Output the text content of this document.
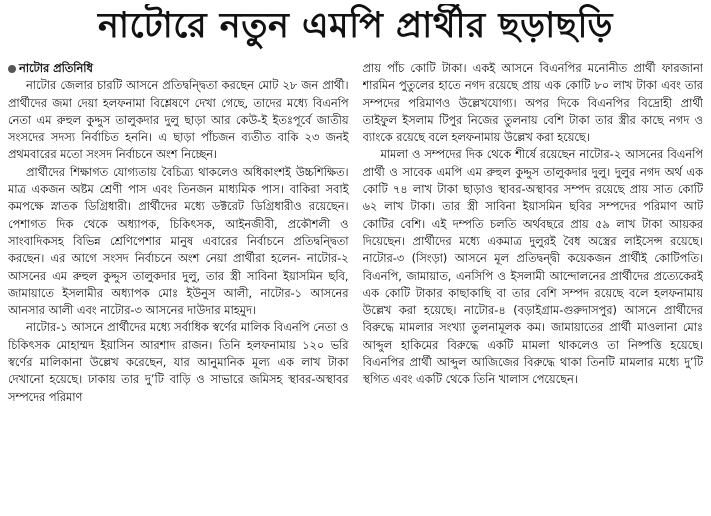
নাটোরে নতুন এমপি প্রার্থীর ছড়াছড়ি

নাটোর প্রতিনিধি

নাটোর জেলার চারটি আসনে প্রতিদ্বন্দ্বিতা করছেন মোট ২৮ জন প্রার্থী। প্রার্থীদের জমা দেয়া হলফনামা বিশ্লেষণে দেখা গেছে, তাদের মধ্যে বিএনপি নেতা এম রুহুল কুদ্দুস তালুকদার দুলু ছাড়া আর কেউ-ই ইতঃপূর্বে জাতীয় সংসদের সদস্য নির্বাচিত হননি। এ ছাড়া পাঁচজন ব্যতীত বাকি ২৩ জনই প্রথমবারের মতো সংসদ নির্বাচনে অংশ নিচ্ছেন।

প্রার্থীদের শিক্ষাগত যোগ্যতায় বৈচিত্র্য থাকলেও অধিকাংশই উচ্চশিক্ষিত। মাত্র একজন অষ্টম শ্রেণী পাস এবং তিনজন মাধ্যমিক পাস। বাকিরা সবাই কমপক্ষে স্নাতক ডিগ্রিধারী। প্রার্থীদের মধ্যে ডক্টরেট ডিগ্রিধারীও রয়েছেন। পেশাগত দিক থেকে অধ্যাপক, চিকিৎসক, আইনজীবী, প্রকৌশলী ও সাংবাদিকসহ বিভিন্ন শ্রেণিপেশার মানুষ এবারের নির্বাচনে প্রতিদ্বন্দ্বিতা করছেন। এর আগে সংসদ নির্বাচনে অংশ নেয়া প্রার্থীরা হলেন- নাটোর-২ আসনের এম রুহুল কুদ্দুস তালুকদার দুলু, তার স্ত্রী সাবিনা ইয়াসমিন ছবি, জামায়াতে ইসলামীর অধ্যাপক মোঃ ইউনুস আলী, নাটোর-১ আসনের আনসার আলী এবং নাটোর-৩ আসনের দাউদার মাহমুদ।

নাটোর-১ আসনে প্রার্থীদের মধ্যে সর্বাধিক স্বর্ণের মালিক বিএনপি নেতা ও চিকিৎসক মোহাম্মদ ইয়াসিন আরশাদ রাজন। তিনি হলফনামায় ১২০ ভরি স্বর্ণের মালিকানা উল্লেখ করেছেন, যার আনুমানিক মূল্য এক লাখ টাকা দেখানো হয়েছে। ঢাকায় তার দু’টি বাড়ি ও সাভারে জমিসহ স্থাবর-অস্থাবর সম্পদের পরিমাণ

প্রায় পাঁচ কোটি টাকা। একই আসনে বিএনপির মনোনীত প্রার্থী ফারজানা শারমিন পুতুলের হাতে নগদ রয়েছে প্রায় এক কোটি ৮০ লাখ টাকা এবং তার সম্পদের পরিমাণও উল্লেখযোগ্য। অপর দিকে বিএনপির বিদ্রোহী প্রার্থী তাইফুল ইসলাম টিপুর নিজের তুলনায় বেশি টাকা তার স্ত্রীর কাছে নগদ ও ব্যাংকে রয়েছে বলে হলফনামায় উল্লেখ করা হয়েছে।

মামলা ও সম্পদের দিক থেকে শীর্ষে রয়েছেন নাটোর-২ আসনের বিএনপি প্রার্থী ও সাবেক এমপি এম রুহুল কুদ্দুস তালুকদার দুলু। দুলুর নগদ অর্থ এক কোটি ৭৪ লাখ টাকা ছাড়াও স্থাবর-অস্থাবর সম্পদ রয়েছে প্রায় সাত কোটি ৬২ লাখ টাকা। তার স্ত্রী সাবিনা ইয়াসমিন ছবির সম্পদের পরিমাণ আট কোটির বেশি। এই দম্পতি চলতি অর্থবছরে প্রায় ৫৯ লাখ টাকা আয়কর দিয়েছেন। প্রার্থীদের মধ্যে একমাত্র দুলুরই বৈধ অস্ত্রের লাইসেন্স রয়েছে। নাটোর-৩ (সিংড়া) আসনে মূল প্রতিদ্বন্দ্বী কয়েকজন প্রার্থীই কোটিপতি। বিএনপি, জামায়াত, এনসিপি ও ইসলামী আন্দোলনের প্রার্থীদের প্রত্যেকেরই এক কোটি টাকার কাছাকাছি বা তার বেশি সম্পদ রয়েছে বলে হলফনামায় উল্লেখ করা হয়েছে। নাটোর-৪ (বড়াইগ্রাম-গুরুদাসপুর) আসনে প্রার্থীদের বিরুদ্ধে মামলার সংখ্যা তুলনামূলক কম। জামায়াতের প্রার্থী মাওলানা মোঃ আব্দুল হাকিমের বিরুদ্ধে একটি মামলা থাকলেও তা নিষ্পত্তি হয়েছে। বিএনপির প্রার্থী আব্দুল আজিজের বিরুদ্ধে থাকা তিনটি মামলার মধ্যে দু’টি স্থগিত এবং একটি থেকে তিনি খালাস পেয়েছেন।
